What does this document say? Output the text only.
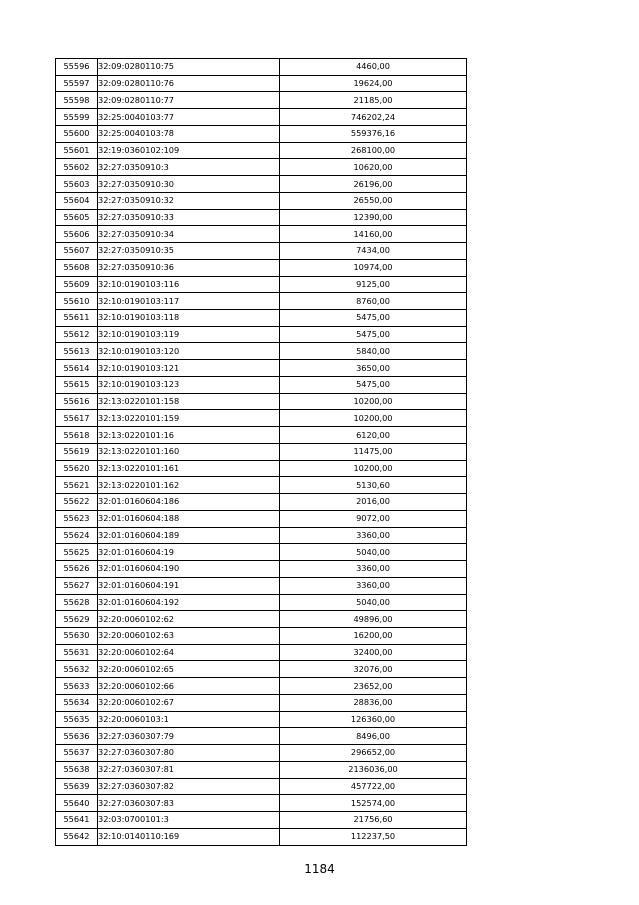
55596	32:09:0280110:75	4460,00
55597	32:09:0280110:76	19624,00
55598	32:09:0280110:77	21185,00
55599	32:25:0040103:77	746202,24
55600	32:25:0040103:78	559376,16
55601	32:19:0360102:109	268100,00
55602	32:27:0350910:3	10620,00
55603	32:27:0350910:30	26196,00
55604	32:27:0350910:32	26550,00
55605	32:27:0350910:33	12390,00
55606	32:27:0350910:34	14160,00
55607	32:27:0350910:35	7434,00
55608	32:27:0350910:36	10974,00
55609	32:10:0190103:116	9125,00
55610	32:10:0190103:117	8760,00
55611	32:10:0190103:118	5475,00
55612	32:10:0190103:119	5475,00
55613	32:10:0190103:120	5840,00
55614	32:10:0190103:121	3650,00
55615	32:10:0190103:123	5475,00
55616	32:13:0220101:158	10200,00
55617	32:13:0220101:159	10200,00
55618	32:13:0220101:16	6120,00
55619	32:13:0220101:160	11475,00
55620	32:13:0220101:161	10200,00
55621	32:13:0220101:162	5130,60
55622	32:01:0160604:186	2016,00
55623	32:01:0160604:188	9072,00
55624	32:01:0160604:189	3360,00
55625	32:01:0160604:19	5040,00
55626	32:01:0160604:190	3360,00
55627	32:01:0160604:191	3360,00
55628	32:01:0160604:192	5040,00
55629	32:20:0060102:62	49896,00
55630	32:20:0060102:63	16200,00
55631	32:20:0060102:64	32400,00
55632	32:20:0060102:65	32076,00
55633	32:20:0060102:66	23652,00
55634	32:20:0060102:67	28836,00
55635	32:20:0060103:1	126360,00
55636	32:27:0360307:79	8496,00
55637	32:27:0360307:80	296652,00
55638	32:27:0360307:81	2136036,00
55639	32:27:0360307:82	457722,00
55640	32:27:0360307:83	152574,00
55641	32:03:0700101:3	21756,60
55642	32:10:0140110:169	112237,50
1184
